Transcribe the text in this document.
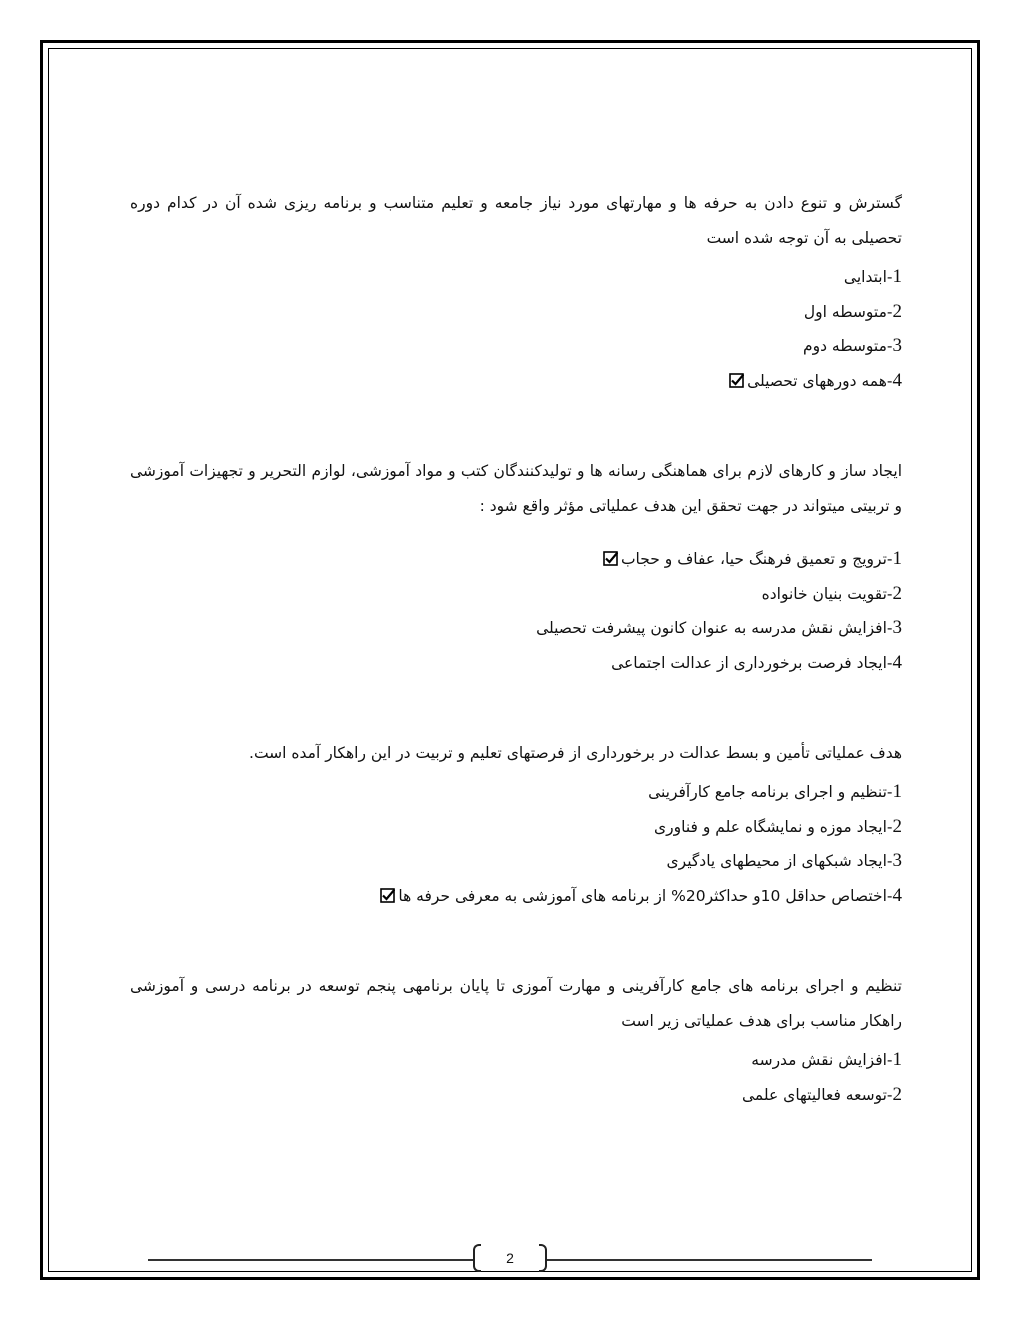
گسترش و تنوع دادن به حرفه ها و مهارتهای مورد نیاز جامعه و تعلیم متناسب و برنامه ریزی شده آن در کدام دوره تحصیلی به آن توجه شده است

1-ابتدایی
2-متوسطه اول
3-متوسطه دوم
4-همه دورههای تحصیلی

ایجاد ساز و کارهای لازم برای هماهنگی رسانه ها و تولیدکنندگان کتب و مواد آموزشی، لوازم التحریر و تجهیزات آموزشی و تربیتی میتواند در جهت تحقق این هدف عملیاتی مؤثر واقع شود :

1-ترویج و تعمیق فرهنگ حیا، عفاف و حجاب
2-تقویت بنیان خانواده
3-افزایش نقش مدرسه به عنوان کانون پیشرفت تحصیلی
4-ایجاد فرصت برخورداری از عدالت اجتماعی

هدف عملیاتی تأمین و بسط عدالت در برخورداری از فرصتهای تعلیم و تربیت در این راهکار آمده است.

1-تنظیم و اجرای برنامه جامع کارآفرینی
2-ایجاد موزه و نمایشگاه علم و فناوری
3-ایجاد شبکهای از محیطهای یادگیری
4-اختصاص حداقل 10و حداکثر20% از برنامه های آموزشی به معرفی حرفه ها

تنظیم و اجرای برنامه های جامع کارآفرینی و مهارت آموزی تا پایان برنامهی پنجم توسعه در برنامه درسی و آموزشی راهکار مناسب برای هدف عملیاتی زیر است

1-افزایش نقش مدرسه
2-توسعه فعالیتهای علمی
2
